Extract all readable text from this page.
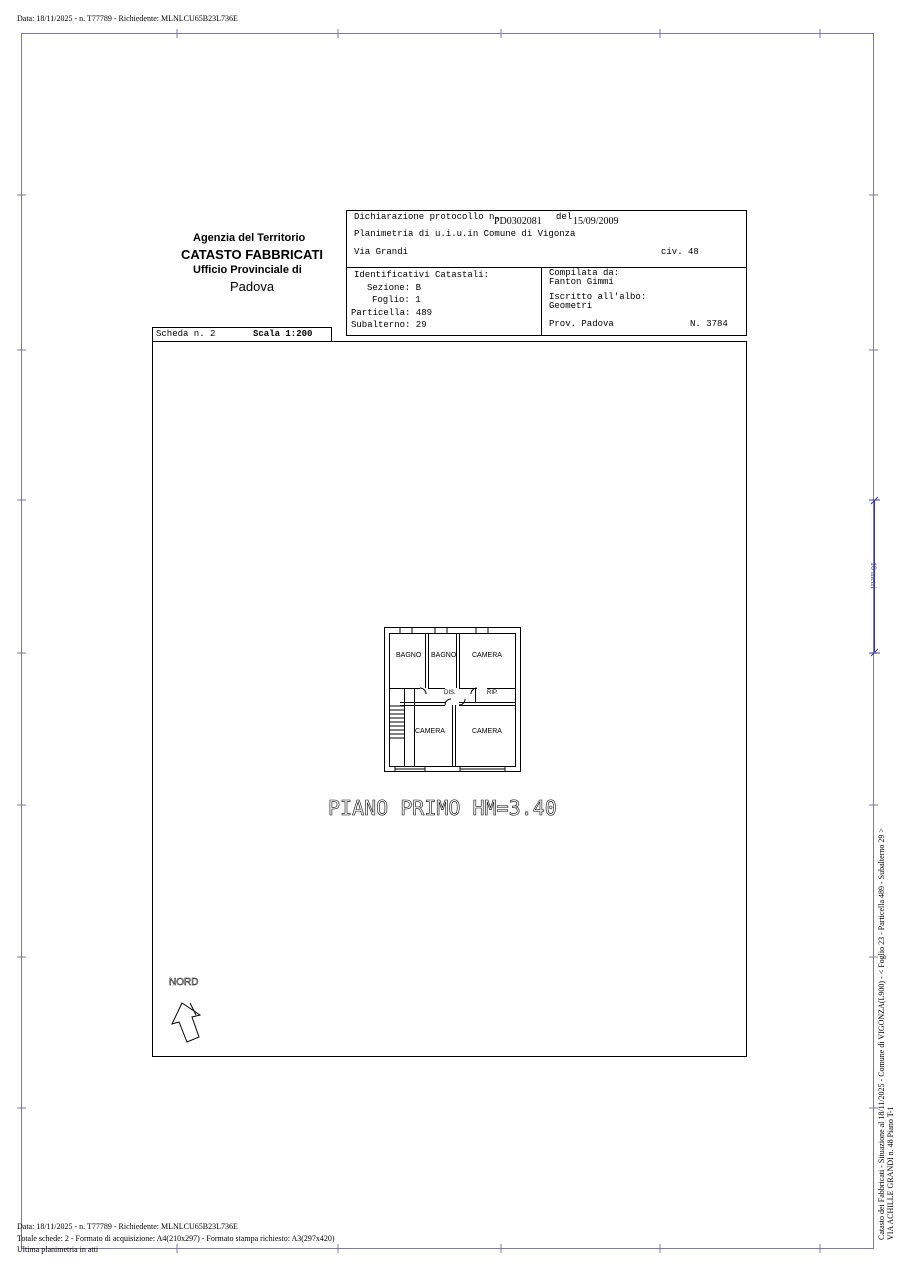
Data: 18/11/2025 - n. T77789 - Richiedente: MLNLCU65B23L736E
Agenzia del Territorio
CATASTO FABBRICATI
Ufficio Provinciale di
Padova
Dichiarazione protocollo n.
PD0302081 del 15/09/2009
Planimetria di u.i.u.in Comune di Vigonza
Via Grandi	civ. 48
Identificativi Catastali:
Sezione: B
Foglio: 1
Particella: 489
Subalterno: 29
Compilata da:
Fanton Gimmi
Iscritto all'albo:
Geometri
Prov. Padova	N. 3784
Scheda n. 2	Scala 1:200
BAGNO BAGNO CAMERA
DIS.	RIP.
CAMERA	CAMERA
PIANO PRIMO HM=3.40
NORD
10 metri
Catasto dei Fabbricati - Situazione al 18/11/2025 - Comune di VIGONZA(L900) - < Foglio 23 - Particella 489 - Subalterno 29 > VIA ACHILLE GRANDI n. 48 Piano T-1
Data: 18/11/2025 - n. T77789 - Richiedente: MLNLCU65B23L736E
Totale schede: 2 - Formato di acquisizione: A4(210x297) - Formato stampa richiesto: A3(297x420)
Ultima planimetria in atti
